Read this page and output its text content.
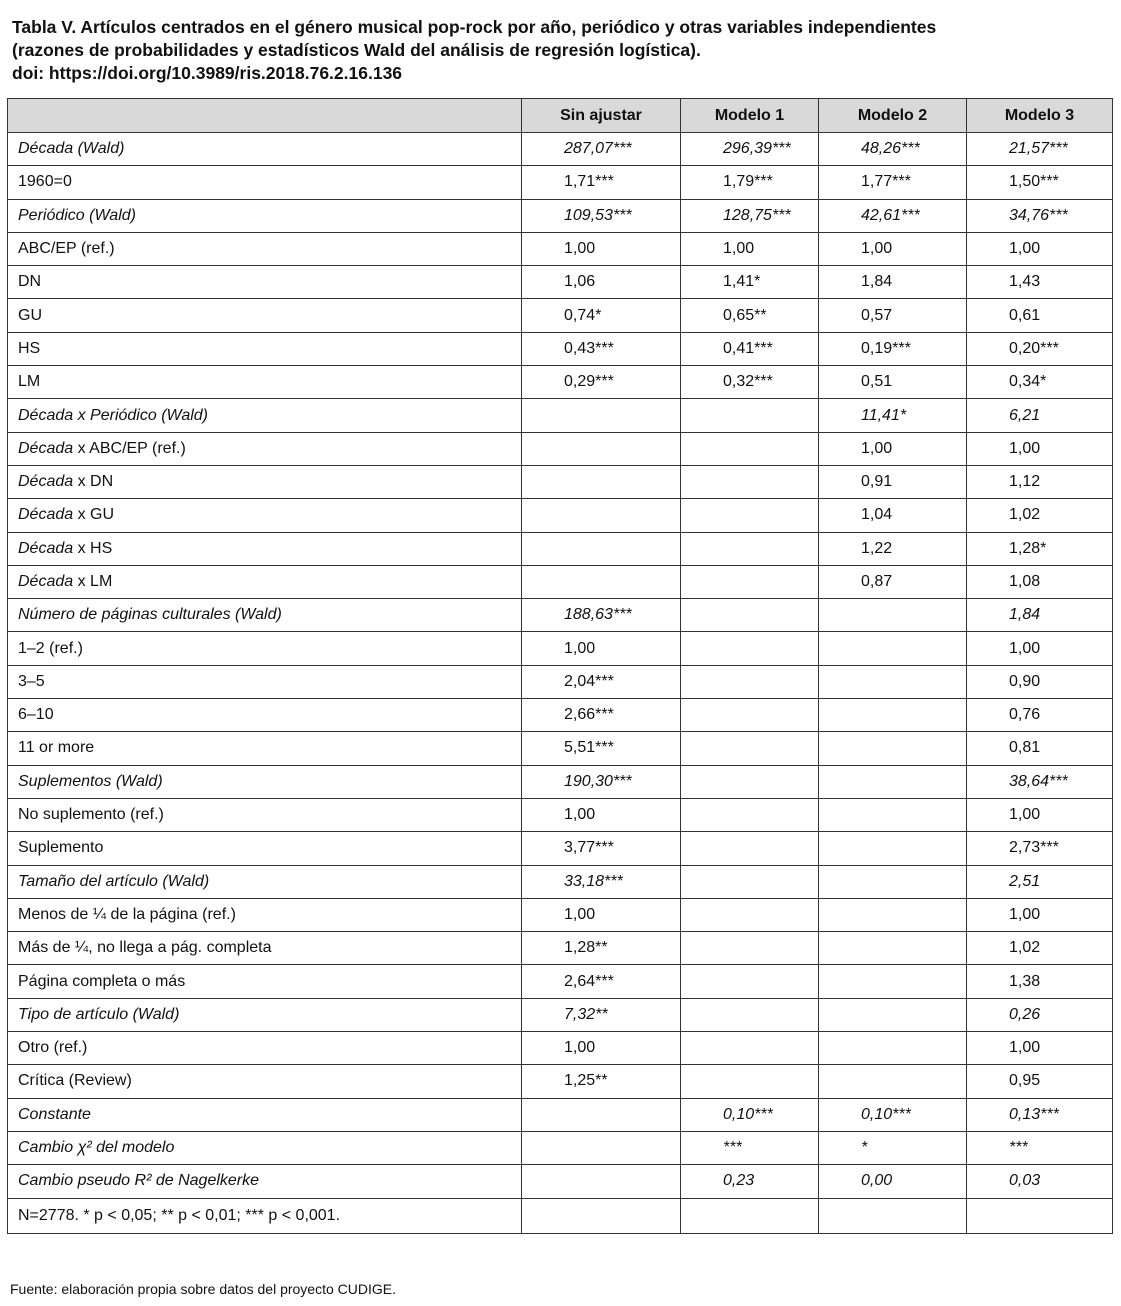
Tabla V. Artículos centrados en el género musical pop-rock por año, periódico y otras variables independientes
(razones de probabilidades y estadísticos Wald del análisis de regresión logística).
doi: https://doi.org/10.3989/ris.2018.76.2.16.136
	Sin ajustar	Modelo 1	Modelo 2	Modelo 3
Década (Wald)	287,07***	296,39***	48,26***	21,57***
1960=0	1,71***	1,79***	1,77***	1,50***
Periódico (Wald)	109,53***	128,75***	42,61***	34,76***
ABC/EP (ref.)	1,00	1,00	1,00	1,00
DN	1,06	1,41*	1,84	1,43
GU	0,74*	0,65**	0,57	0,61
HS	0,43***	0,41***	0,19***	0,20***
LM	0,29***	0,32***	0,51	0,34*
Década x Periódico (Wald)			11,41*	6,21
Década x ABC/EP (ref.)			1,00	1,00
Década x DN			0,91	1,12
Década x GU			1,04	1,02
Década x HS			1,22	1,28*
Década x LM			0,87	1,08
Número de páginas culturales (Wald)	188,63***			1,84
1–2 (ref.)	1,00			1,00
3–5	2,04***			0,90
6–10	2,66***			0,76
11 or more	5,51***			0,81
Suplementos (Wald)	190,30***			38,64***
No suplemento (ref.)	1,00			1,00
Suplemento	3,77***			2,73***
Tamaño del artículo (Wald)	33,18***			2,51
Menos de ¼ de la página (ref.)	1,00			1,00
Más de ¼, no llega a pág. completa	1,28**			1,02
Página completa o más	2,64***			1,38
Tipo de artículo (Wald)	7,32**			0,26
Otro (ref.)	1,00			1,00
Crítica (Review)	1,25**			0,95
Constante		0,10***	0,10***	0,13***
Cambio χ² del modelo		***	*	***
Cambio pseudo R² de Nagelkerke		0,23	0,00	0,03
N=2778. * p < 0,05; ** p < 0,01; *** p < 0,001.				
Fuente: elaboración propia sobre datos del proyecto CUDIGE.
